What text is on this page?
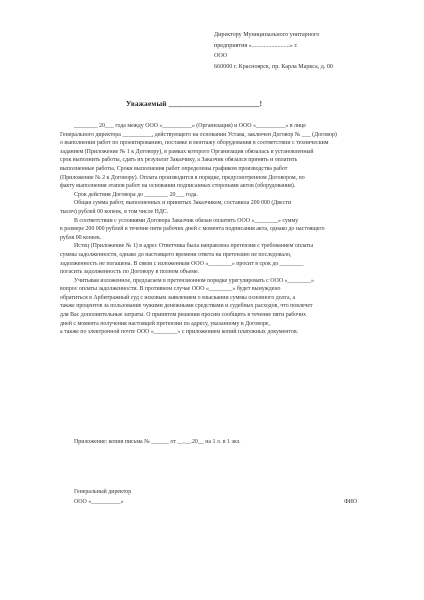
Директору Муниципального унитарного
предприятия «.........................» г.
ООО
660000 г. Красноярск, пр. Карла Маркса, д. 00
Уважаемый ________________________!

________ 20___ года между ООО «__________» (Организация) и ООО «__________» в лице

Генерального директора __________, действующего на основании Устава, заключен Договор № ___ (Договор)

о выполнении работ по проектированию, поставке и монтажу оборудования в соответствии с техническим

заданием (Приложение № 1 к Договору), в рамках которого Организация обязалась в установленный

срок выполнить работы, сдать их результат Заказчику, а Заказчик обязался принять и оплатить

выполненные работы. Сроки выполнения работ определены графиком производства работ

(Приложение № 2 к Договору). Оплата производится в порядке, предусмотренном Договором, по

факту выполнения этапов работ на основании подписанных сторонами актов (оборудования).

Срок действия Договора до ________ 20___ года.

Общая сумма работ, выполненных и принятых Заказчиком, составила 200 000 (Двести

тысяч) рублей 00 копеек, в том числе НДС.

В соответствии с условиями Договора Заказчик обязан оплатить ООО «________» сумму

в размере 200 000 рублей в течение пяти рабочих дней с момента подписания акта, однако до настоящего

рубля 00 копеек.

Истец (Приложение № 1) в адрес Ответчика была направлена претензия с требованием оплаты

суммы задолженности, однако до настоящего времени ответа на претензию не последовало,

задолженность не погашена. В связи с изложенным ООО «________» просит в срок до ________

погасить задолженность по Договору в полном объеме.

Учитывая изложенное, предлагаем в претензионном порядке урегулировать с ООО «________»

вопрос оплаты задолженности. В противном случае ООО «________» будет вынуждено

обратиться в Арбитражный суд с исковым заявлением о взыскании суммы основного долга, а

также процентов за пользование чужими денежными средствами и судебных расходов, что повлечет

для Вас дополнительные затраты. О принятом решении просим сообщить в течение пяти рабочих

дней с момента получения настоящей претензии по адресу, указанному в Договоре,

а также по электронной почте ООО «________» с приложением копий платежных документов.

Приложение: копия письма № ______ от __.__.20__ на 1 л. в 1 экз.
Генеральный директор
ООО «__________»	ФИО
